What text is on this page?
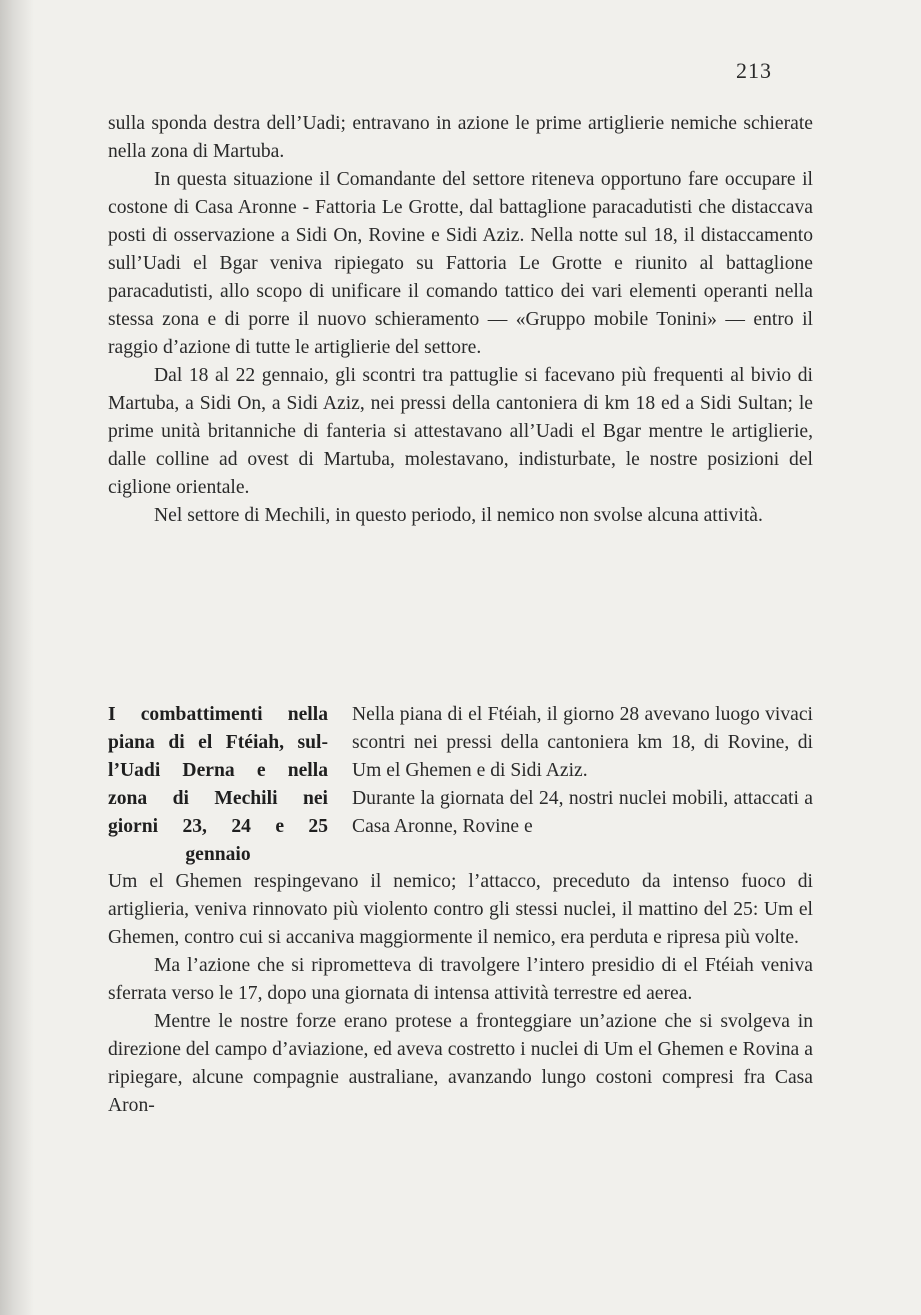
213

sulla sponda destra dell’Uadi; entravano in azione le prime artiglierie nemiche schierate nella zona di Martuba.

In questa situazione il Comandante del settore riteneva opportuno fare occupare il costone di Casa Aronne - Fattoria Le Grotte, dal battaglione paracadutisti che distaccava posti di osservazione a Sidi On, Rovine e Sidi Aziz. Nella notte sul 18, il distaccamento sull’Uadi el Bgar veniva ripiegato su Fattoria Le Grotte e riunito al battaglione paracadutisti, allo scopo di unificare il comando tattico dei vari elementi operanti nella stessa zona e di porre il nuovo schieramento — «Gruppo mobile Tonini» — entro il raggio d’azione di tutte le artiglierie del settore.

Dal 18 al 22 gennaio, gli scontri tra pattuglie si facevano più frequenti al bivio di Martuba, a Sidi On, a Sidi Aziz, nei pressi della cantoniera di km 18 ed a Sidi Sultan; le prime unità britanniche di fanteria si attestavano all’Uadi el Bgar mentre le artiglierie, dalle colline ad ovest di Martuba, molestavano, indisturbate, le nostre posizioni del ciglione orientale.

Nel settore di Mechili, in questo periodo, il nemico non svolse alcuna attività.

I combattimenti nella
piana di el Ftéiah, sul-
l’Uadi Derna e nella
zona di Mechili nei
giorni 23, 24 e 25
gennaio

Nella piana di el Ftéiah, il giorno 28 avevano luogo vivaci scontri nei pressi della cantoniera km 18, di Rovine, di Um el Ghemen e di Sidi Aziz.

Durante la giornata del 24, nostri nuclei mobili, attaccati a Casa Aronne, Rovine e

Um el Ghemen respingevano il nemico; l’attacco, preceduto da intenso fuoco di artiglieria, veniva rinnovato più violento contro gli stessi nuclei, il mattino del 25: Um el Ghemen, contro cui si accaniva maggiormente il nemico, era perduta e ripresa più volte.

Ma l’azione che si riprometteva di travolgere l’intero presidio di el Ftéiah veniva sferrata verso le 17, dopo una giornata di intensa attività terrestre ed aerea.

Mentre le nostre forze erano protese a fronteggiare un’azione che si svolgeva in direzione del campo d’aviazione, ed aveva costretto i nuclei di Um el Ghemen e Rovina a ripiegare, alcune compagnie australiane, avanzando lungo costoni compresi fra Casa Aron-
